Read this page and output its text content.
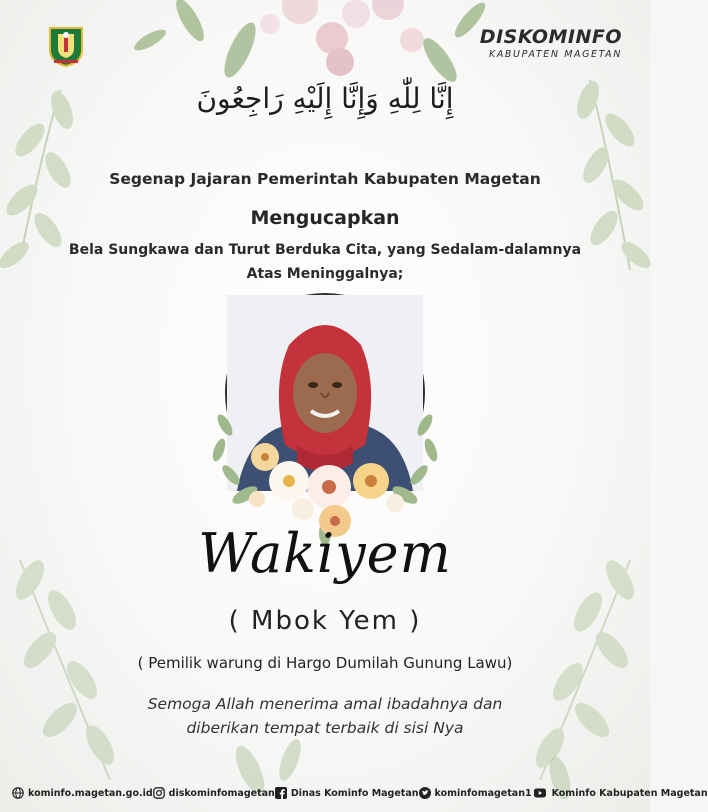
DISKOMINFO
KABUPATEN MAGETAN
إِنَّا لِلّٰهِ وَإِنَّا إِلَيْهِ رَاجِعُونَ
Segenap Jajaran Pemerintah Kabupaten Magetan
Mengucapkan
Bela Sungkawa dan Turut Berduka Cita, yang Sedalam-dalamnya
Atas Meninggalnya;
Wakiyem
( Mbok Yem )
( Pemilik warung di Hargo Dumilah Gunung Lawu)
Semoga Allah menerima amal ibadahnya dan
diberikan tempat terbaik di sisi Nya
kominfo.magetan.go.id diskominfomagetan Dinas Kominfo Magetan kominfomagetan1 Kominfo Kabupaten Magetan
